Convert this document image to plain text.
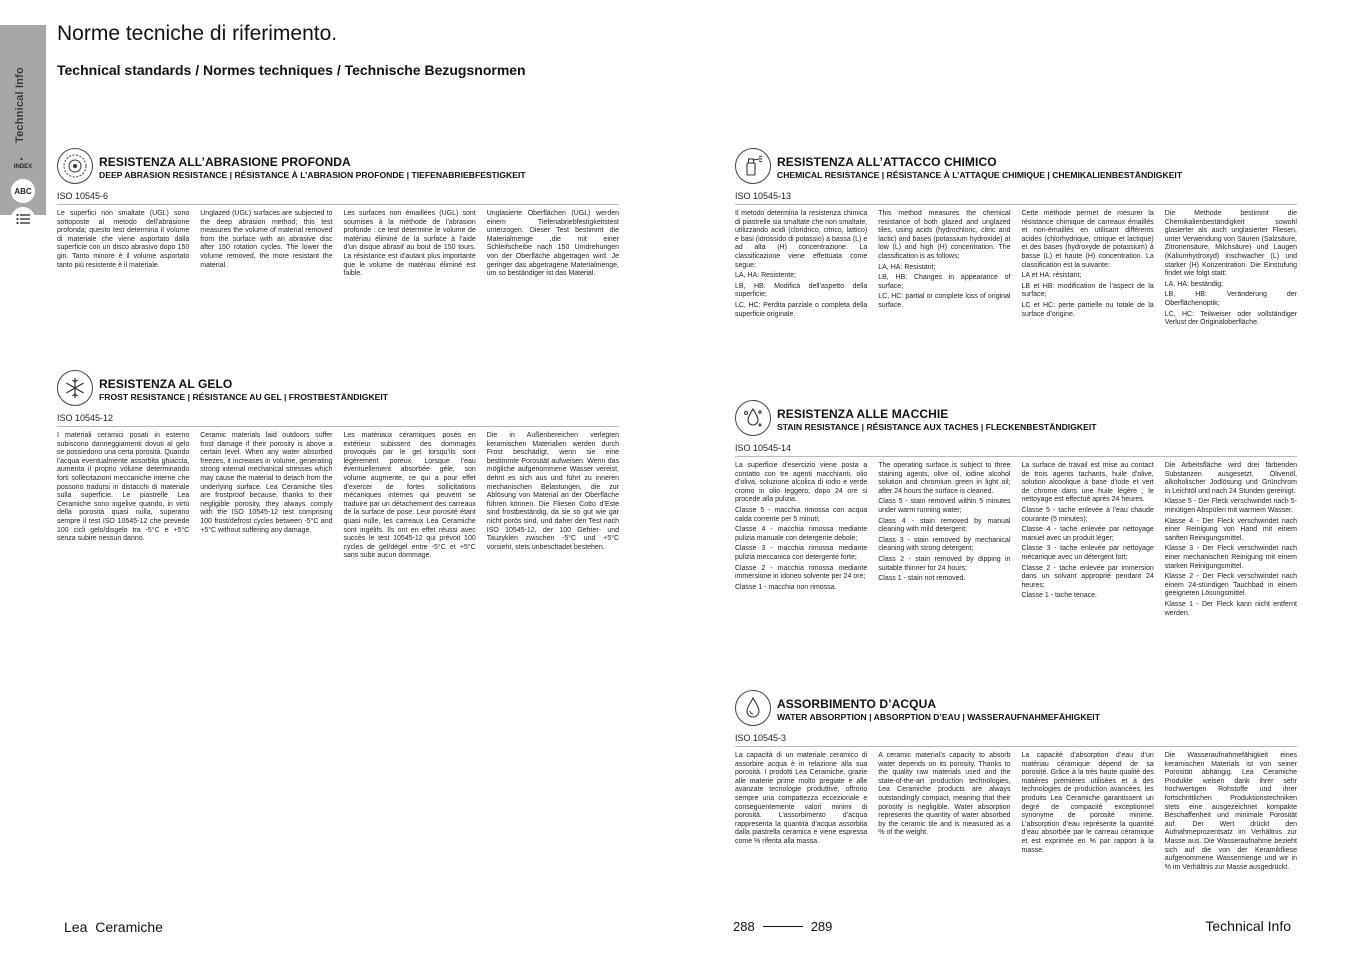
Technical Info
▲
INDEX
ABC
Norme tecniche di riferimento.
Technical standards / Normes techniques / Technische Bezugsnormen
RESISTENZA ALL’ABRASIONE PROFONDA
DEEP ABRASION RESISTANCE | RÉSISTANCE À L’ABRASION PROFONDE | TIEFENABRIEBFESTIGKEIT
ISO 10545-6

Le superfici non smaltate (UGL) sono sottoposte al metodo dell’abrasione profonda; questo test determina il volume di materiale che viene asportato dalla superficie con un disco abrasivo dopo 150 giri. Tanto minore è il volume asportato tanto più resistente è il materiale.

Unglazed (UGL) surfaces are subjected to the deep abrasion method; this test measures the volume of material removed from the surface with an abrasive disc after 150 rotation cycles. The lower the volume removed, the more resistant the material.

Les surfaces non émaillées (UGL) sont soumises à la méthode de l’abrasion profonde : ce test détermine le volume de matériau éliminé de la surface à l’aide d’un disque abrasif au bout de 150 tours. La résistance est d’autant plus importante que le volume de matériau éliminé est faible.

Unglasierte Oberflächen (UGL) werden einem Tiefenabriebfestigkeitstest unterzogen. Dieser Test bestimmt die Materialmenge ,die mit einer Schleifscheibe nach 150 Umdrehungen von der Oberfläche abgetragen wird. Je geringer das abgetragene Materialmenge, um so beständiger ist das Material.

RESISTENZA AL GELO
FROST RESISTANCE | RÉSISTANCE AU GEL | FROSTBESTÄNDIGKEIT
ISO 10545-12

I materiali ceramici posati in esterno subiscono danneggiamenti dovuti al gelo se possiedono una certa porosità. Quando l’acqua eventualmente assorbita ghiaccia, aumenta il proprio volume determinando forti sollecitazioni meccaniche interne che possono tradursi in distacchi di materiale sulla superficie. Le piastrelle Lea Ceramiche sono ingelive quando, in virtù della porosità quasi nulla, superano sempre il test ISO 10545-12 che prevede 100 cicli gelo/disgelo tra -5°C e +5°C senza subire nessun danno.

Ceramic materials laid outdoors suffer frost damage if their porosity is above a certain level. When any water absorbed freezes, it increases in volume, generating strong internal mechanical stresses which may cause the material to detach from the underlying surface. Lea Ceramiche tiles are frostproof because, thanks to their negligible porosity, they always comply with the ISO 10545-12 test comprising 100 frost/defrost cycles between -5°C and +5°C without suffering any damage.

Les matériaux céramiques posés en extérieur subissent des dommages provoqués par le gel lorsqu’ils sont légèrement poreux. Lorsque l’eau éventuellement absorbée gèle, son volume augmente, ce qui a pour effet d’exercer de fortes sollicitations mécaniques internes qui peuvent se traduire par un détachement des carreaux de la surface de pose. Leur porosité étant quasi nulle, les carreaux Lea Ceramiche sont ingélifs. Ils ont en effet réussi avec succès le test 10545-12 qui prévoit 100 cycles de gel/dégel entre -5°C et +5°C sans subir aucun dommage.

Die in Außenbereichen verlegten keramischen Materialien werden durch Frost beschädigt, wenn sie eine bestimmte Porosität aufweisen. Wenn das mögliche aufgenommene Wasser vereist, dehnt es sich aus und führt zu inneren mechanischen Belastungen, die zur Ablösung von Material an der Oberfläche führen können. Die Fliesen Cotto d’Este sind frostbeständig, da sie so gut wie gar nicht porös sind, und daher den Test nach ISO 10545-12, der 100 Gefrier- und Tauzyklen zwischen -5°C und +5°C vorsieht, stets unbeschadet bestehen.

RESISTENZA ALL’ATTACCO CHIMICO
CHEMICAL RESISTANCE | RÉSISTANCE À L’ATTAQUE CHIMIQUE | CHEMIKALIENBESTÄNDIGKEIT
ISO 10545-13

Il metodo determina la resistenza chimica di piastrelle sia smaltate che non smaltate, utilizzando acidi (cloridrico, citrico, lattico) e basi (idrossido di potassio) a bassa (L) e ad alta (H) concentrazione. La classificazione viene effettuata come segue:

LA, HA: Resistente;

LB, HB: Modifica dell’aspetto della superficie;

LC, HC: Perdita parziale o completa della superficie originale.

This method measures the chemical resistance of both glazed and unglazed tiles, using acids (hydrochloric, citric and lactic) and bases (potassium hydroxide) at low (L) and high (H) concentration. The classification is as follows;

LA, HA: Resistant;

LB, HB: Changes in appearance of surface;

LC, HC: partial or complete loss of original surface.

Cette méthode permet de mesurer la résistance chimique de carreaux émaillés et non-émaillés en utilisant différents acides (chlorhydrique, citrique et lactique) et des bases (hydroxyde de potassium) à basse (L) et haute (H) concentration. La classification est la suivante:

LA et HA: résistant;

LB et HB: modification de l’aspect de la surface;

LC et HC: perte partielle ou totale de la surface d’origine.

Die Methode bestimmt die Chemikalienbeständigkeit sowohl glasierter als auch unglasierter Fliesen, unter Verwendung von Säuren (Salzsäure, Zitronensäure, Milchsäure) und Laugen (Kaliumhydroxyd) inschwacher (L) und starker (H) Konzentration. Die Einstufung findet wie folgt statt:

LA, HA: beständig;

LB, HB: Veränderung der Oberflächenoptik;

LC, HC: Teilweiser oder vollständiger Verlust der Originaloberfläche.

RESISTENZA ALLE MACCHIE
STAIN RESISTANCE | RÉSISTANCE AUX TACHES | FLECKENBESTÄNDIGKEIT
ISO 10545-14

La superficie d’esercizio viene posta a contatto con tre agenti macchianti, olio d’oliva, soluzione alcolica di iodio e verde cromo in olio leggero; dopo 24 ore si procede alla pulizia.

Classe 5 - macchia rimossa con acqua calda corrente per 5 minuti;

Classe 4 - macchia rimossa mediante pulizia manuale con detergente debole;

Classe 3 - macchia rimossa mediante pulizia meccanica con detergente forte;

Classe 2 - macchia rimossa mediante immersione in idoneo solvente per 24 ore;

Classe 1 - macchia non rimossa.

The operating surface is subject to three staining agents, olive oil, iodine alcohol solution and chromium green in light oil; after 24 hours the surface is cleaned.

Class 5 - stain removed within 5 minutes under warm running water;

Class 4 - stain removed by manual cleaning with mild detergent;

Class 3 - stain removed by mechanical cleaning with strong detergent;

Class 2 - stain removed by dipping in suitable thinner for 24 hours;

Class 1 - stain not removed.

La surface de travail est mise au contact de trois agents tachants, huile d’olive, solution alcoolique à base d’iode et vert de chrome dans une huile légère ; le nettoyage est effectué après 24 heures.

Classe 5 - tache enlevée à l’eau chaude courante (5 minutes);

Classe 4 - tache enlevée par nettoyage manuel avec un produit léger;

Classe 3 - tache enlevée par nettoyage mécanique avec un détergent fort;

Classe 2 - tache enlevée par immersion dans un solvant approprié pendant 24 heures;

Classe 1 - tache tenace.

Die Arbeitsfläche wird drei färbenden Substanzen ausgesetzt, Olivenöl, alkoholischer Jodlösung und Grünchrom in Leichtöl und nach 24 Stunden gereinigt.

Klasse 5 - Der Fleck verschwindet nach 5-minütigen Abspülen mit warmem Wasser.

Klasse 4 - Der Fleck verschwindet nach einer Reinigung von Hand mit einem sanften Reinigungsmittel.

Klasse 3 - Der Fleck verschwindet nach einer mechanischen Reinigung mit einem starken Reinigungsmittel.

Klasse 2 - Der Fleck verschwindet nach einem 24-stündigen Tauchbad in einem geeigneten Lösungsmittel.

Klasse 1 - Der Fleck kann nicht entfernt werden.

ASSORBIMENTO D’ACQUA
WATER ABSORPTION | ABSORPTION D’EAU | WASSERAUFNAHMEFÄHIGKEIT
ISO 10545-3

La capacità di un materiale ceramico di assorbire acqua è in relazione alla sua porosità. I prodotti Lea Ceramiche, grazie alle materie prime molto pregiate e alle avanzate tecnologie produttive, offrono sempre una compattezza eccezionale e conseguentemente valori minimi di porosità. L’assorbimento d’acqua rappresenta la quantità d’acqua assorbita dalla piastrella ceramica e viene espressa come % riferita alla massa.

A ceramic material’s capacity to absorb water depends on its porosity. Thanks to the quality raw materials used and the state-of-the-art production technologies, Lea Ceramiche products are always outstandingly compact, meaning that their porosity is negligible. Water absorption represents the quantity of water absorbed by the ceramic tile and is measured as a % of the weight.

La capacité d’absorption d’eau d’un matériau céramique dépend de sa porosité. Grâce à la très haute qualité des matières premières utilisées et à des technologies de production avancées, les produits Lea Ceramiche garantissent un degré de compacité exceptionnel synonyme de porosité minime. L’absorption d’eau représente la quantité d’eau absorbée par le carreau céramique et est exprimée en % par rapport à la masse.

Die Wasseraufnahmefähigkeit eines keramischen Materials ist von seiner Porosität abhängig. Lea Ceramiche Produkte weisen dank ihrer sehr hochwertigen Rohstoffe und ihrer fortschrittlichen Produktionstechniken stets eine ausgezeichnet kompakte Beschaffenheit und minimale Porosität auf. Der Wert drückt den Aufnahmeprozentsatz im Verhältnis zur Masse aus. Die Wasseraufnahme bezieht sich auf die von der Keramikfliese aufgenommene Wassermenge und wir in % im Verhältnis zur Masse ausgedrückt.

Lea Ceramiche	288	289	Technical Info
